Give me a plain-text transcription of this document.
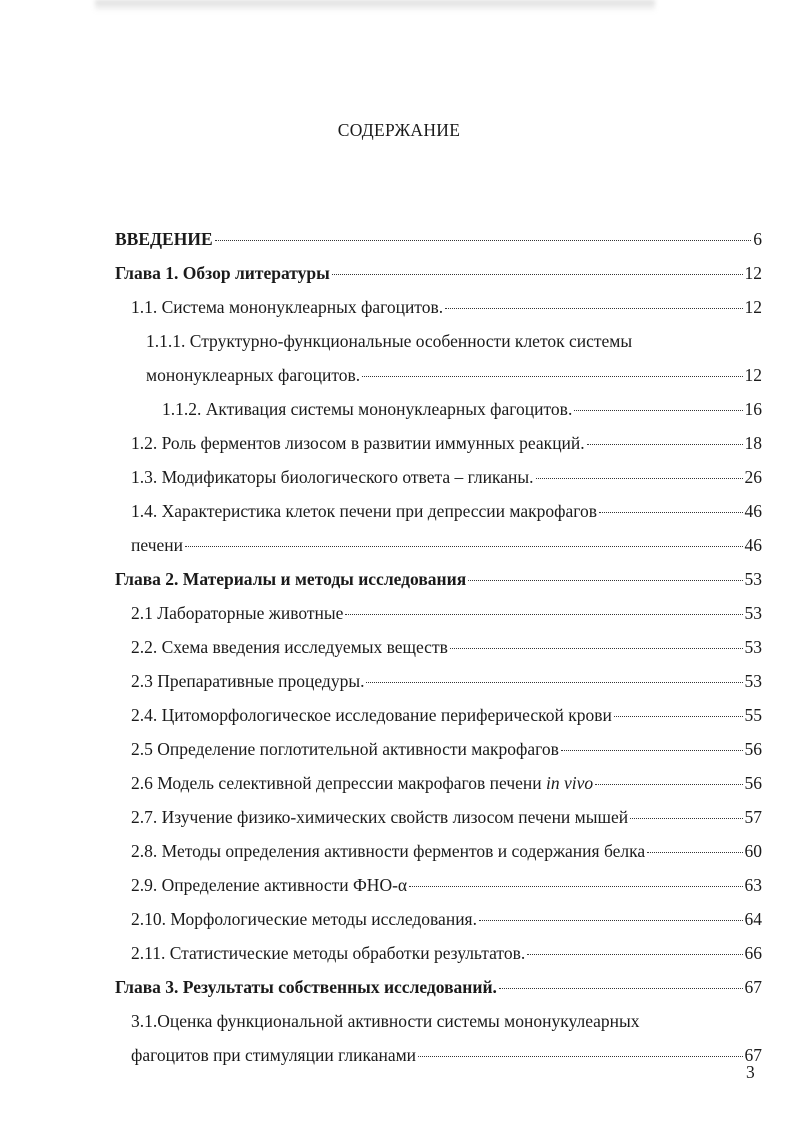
СОДЕРЖАНИЕ
ВВЕДЕНИЕ	6
Глава 1. Обзор литературы	12
1.1. Система мононуклеарных фагоцитов.	12
1.1.1. Структурно-функциональные особенности клеток системы
мононуклеарных фагоцитов.	12
1.1.2. Активация системы мононуклеарных фагоцитов.	16
1.2. Роль ферментов лизосом в развитии иммунных реакций.	18
1.3. Модификаторы биологического ответа – гликаны.	26
1.4. Характеристика клеток печени при депрессии макрофагов	46
печени	46
Глава 2. Материалы и методы исследования	53
2.1 Лабораторные животные	53
2.2. Схема введения исследуемых веществ	53
2.3 Препаративные процедуры.	53
2.4. Цитоморфологическое исследование периферической крови	55
2.5 Определение поглотительной активности макрофагов	56
2.6 Модель селективной депрессии макрофагов печени in vivo	56
2.7. Изучение физико-химических свойств лизосом печени мышей	57
2.8. Методы определения активности ферментов и содержания белка	60
2.9. Определение активности ФНО-α	63
2.10. Морфологические методы исследования.	64
2.11. Статистические методы обработки результатов.	66
Глава 3. Результаты собственных исследований.	67
3.1.Оценка функциональной активности системы мононукулеарных
фагоцитов при стимуляции гликанами	67
3
